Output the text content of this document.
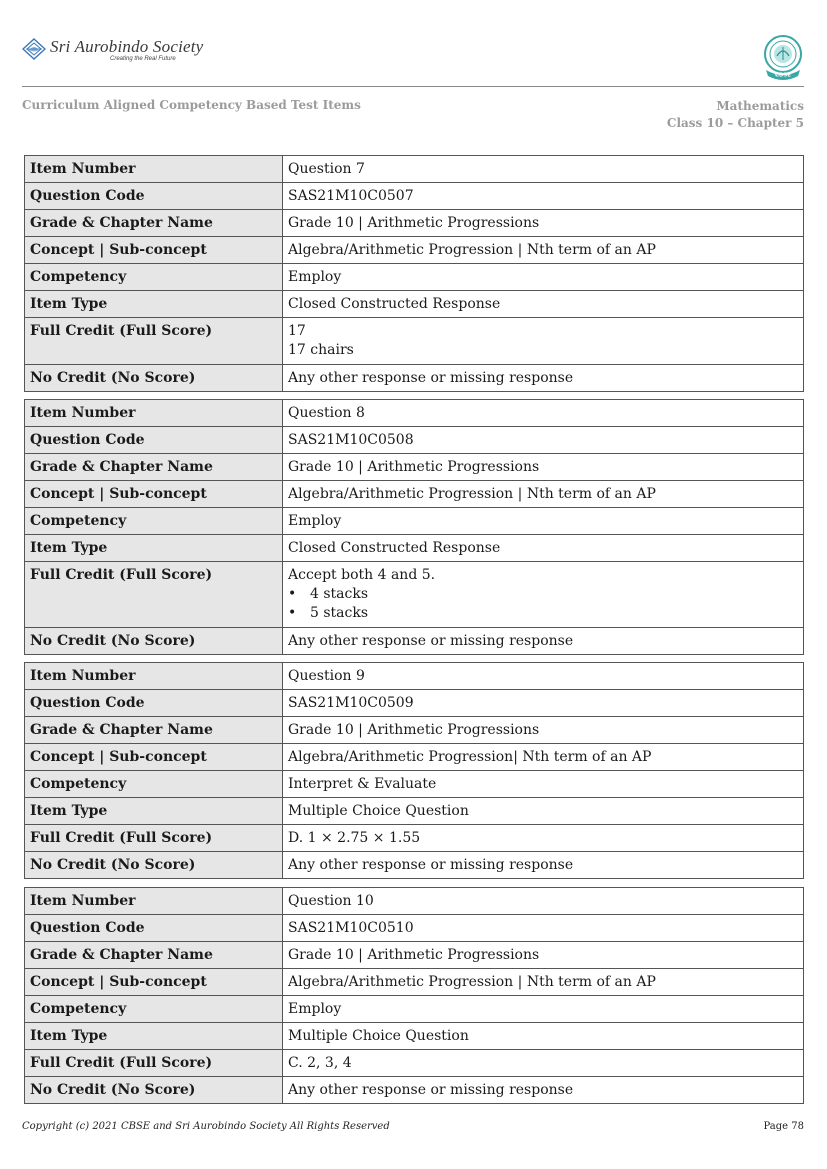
Sri Aurobindo Society
Creating the Real Future
CBSE
Curriculum Aligned Competency Based Test Items	Mathematics
Class 10 – Chapter 5
Item Number	Question 7
Question Code	SAS21M10C0507
Grade & Chapter Name	Grade 10 | Arithmetic Progressions
Concept | Sub-concept	Algebra/Arithmetic Progression | Nth term of an AP
Competency	Employ
Item Type	Closed Constructed Response
Full Credit (Full Score)	17
17 chairs

No Credit (No Score)	Any other response or missing response
Item Number	Question 8
Question Code	SAS21M10C0508
Grade & Chapter Name	Grade 10 | Arithmetic Progressions
Concept | Sub-concept	Algebra/Arithmetic Progression | Nth term of an AP
Competency	Employ
Item Type	Closed Constructed Response
Full Credit (Full Score)	Accept both 4 and 5.
• 4 stacks
• 5 stacks

No Credit (No Score)	Any other response or missing response
Item Number	Question 9
Question Code	SAS21M10C0509
Grade & Chapter Name	Grade 10 | Arithmetic Progressions
Concept | Sub-concept	Algebra/Arithmetic Progression| Nth term of an AP
Competency	Interpret & Evaluate
Item Type	Multiple Choice Question
Full Credit (Full Score)	D. 1 × 2.75 × 1.55
No Credit (No Score)	Any other response or missing response
Item Number	Question 10
Question Code	SAS21M10C0510
Grade & Chapter Name	Grade 10 | Arithmetic Progressions
Concept | Sub-concept	Algebra/Arithmetic Progression | Nth term of an AP
Competency	Employ
Item Type	Multiple Choice Question
Full Credit (Full Score)	C. 2, 3, 4
No Credit (No Score)	Any other response or missing response
Copyright (c) 2021 CBSE and Sri Aurobindo Society All Rights Reserved	Page 78
